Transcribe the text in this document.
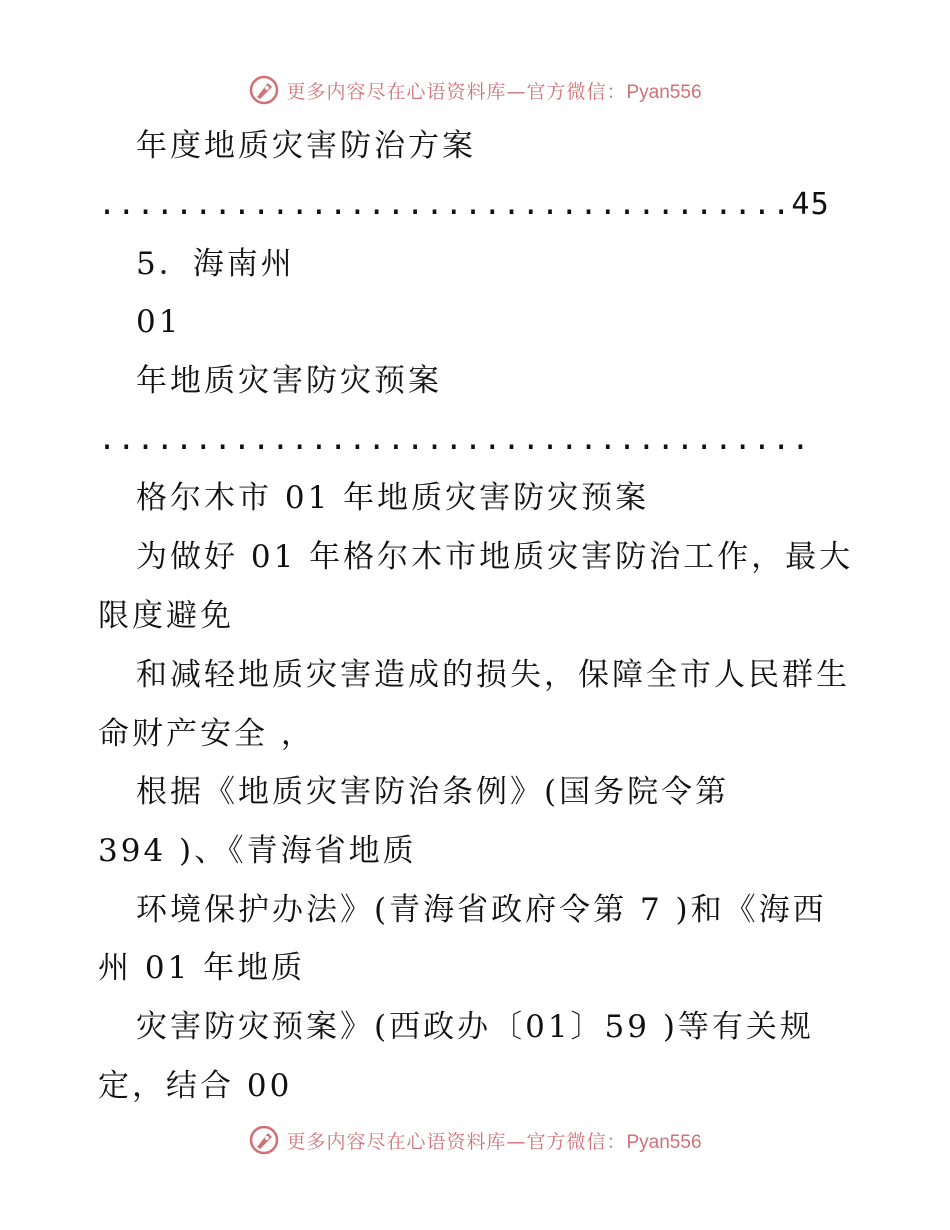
更多内容尽在心语资料库—官方微信：Pyan556
年度地质灾害防治方案
....................................45
5．海南州
01
年地质灾害防灾预案
.....................................
格尔木市 01 年地质灾害防灾预案
为做好 01 年格尔木市地质灾害防治工作，最大
限度避免
和减轻地质灾害造成的损失，保障全市人民群生
命财产安全 ，
根据《地质灾害防治条例》(国务院令第
394 )、《青海省地质
环境保护办法》(青海省政府令第 7 )和《海西
州 01 年地质
灾害防灾预案》(西政办〔01〕59 )等有关规
定，结合 00
更多内容尽在心语资料库—官方微信：Pyan556
